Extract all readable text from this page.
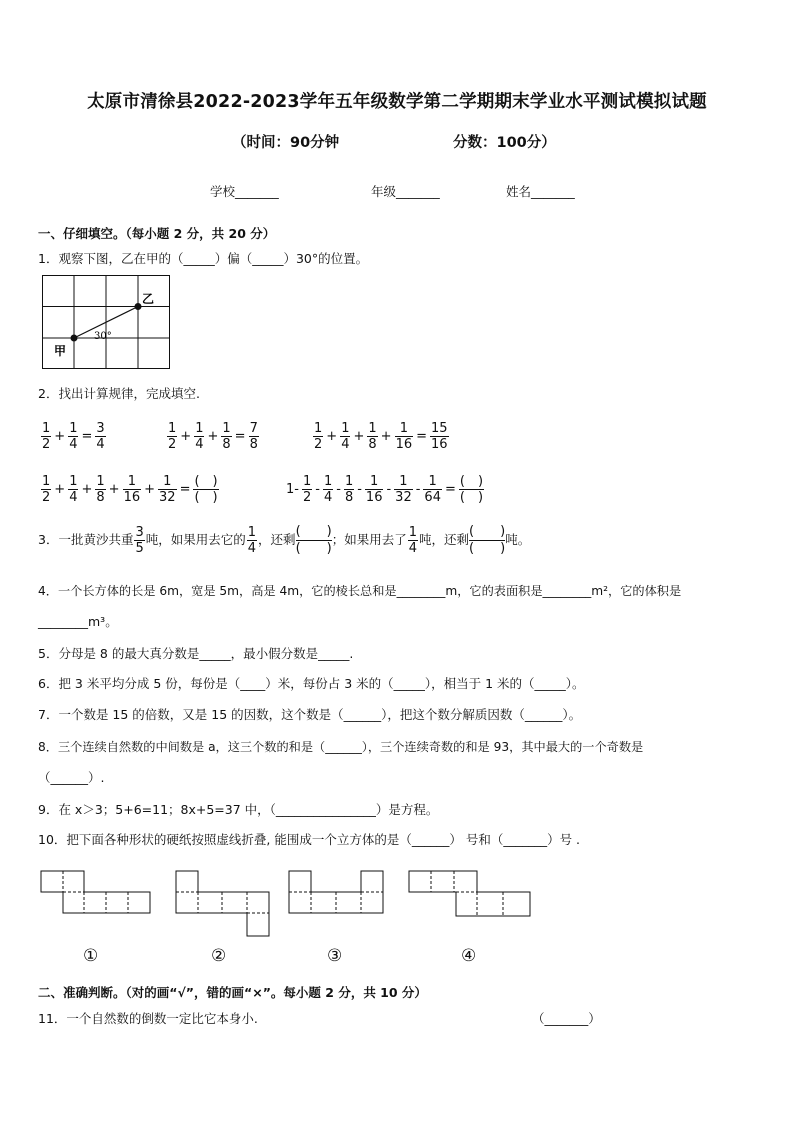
太原市清徐县2022-2023学年五年级数学第二学期期末学业水平测试模拟试题
（时间：90分钟	分数：100分）
学校_______	年级_______	姓名_______
一、仔细填空。（每小题 2 分，共 20 分）
1．观察下图，乙在甲的（_____）偏（_____）30°的位置。
甲
乙
30°
2．找出计算规律，完成填空.
$\frac{1}{2} + \frac{1}{4} = \frac{3}{4}$	$\frac{1}{2} + \frac{1}{4} + \frac{1}{8} = \frac{7}{8}$	$\frac{1}{2} + \frac{1}{4} + \frac{1}{8} + \frac{1}{16} = \frac{15}{16}$
$\frac{1}{2} + \frac{1}{4} + \frac{1}{8} + \frac{1}{16} + \frac{1}{32} = \frac{( )}{( )}$	$1- \frac{1}{2} - \frac{1}{4} - \frac{1}{8} - \frac{1}{16} - \frac{1}{32} - \frac{1}{64} = \frac{( )}{( )}$
3．一批黄沙共重 $\frac{3}{5}$ 吨，如果用去它的 $\frac{1}{4}$ ，还剩
(　　)
(　　)
；如果用去了 $\frac{1}{4}$ 吨，还剩
(　　)
(　　)
吨。
4．一个长方体的长是 6m，宽是 5m，高是 4m，它的棱长总和是________m，它的表面积是________m²，它的体积是
________m³。
5．分母是 8 的最大真分数是_____，最小假分数是_____.
6．把 3 米平均分成 5 份，每份是（____）米，每份占 3 米的（_____），相当于 1 米的（_____）。
7．一个数是 15 的倍数，又是 15 的因数，这个数是（______），把这个数分解质因数（______）。
8．三个连续自然数的中间数是 a，这三个数的和是（______），三个连续奇数的和是 93，其中最大的一个奇数是
（______）.
9．在 x＞3；5+6=11；8x+5=37 中，（________________）是方程。
10．把下面各种形状的硬纸按照虚线折叠, 能围成一个立方体的是（______） 号和（_______）号 .
①	②	③	④
二、准确判断。（对的画“√”，错的画“×”。每小题 2 分，共 10 分）
11．一个自然数的倒数一定比它本身小.	（_______）
